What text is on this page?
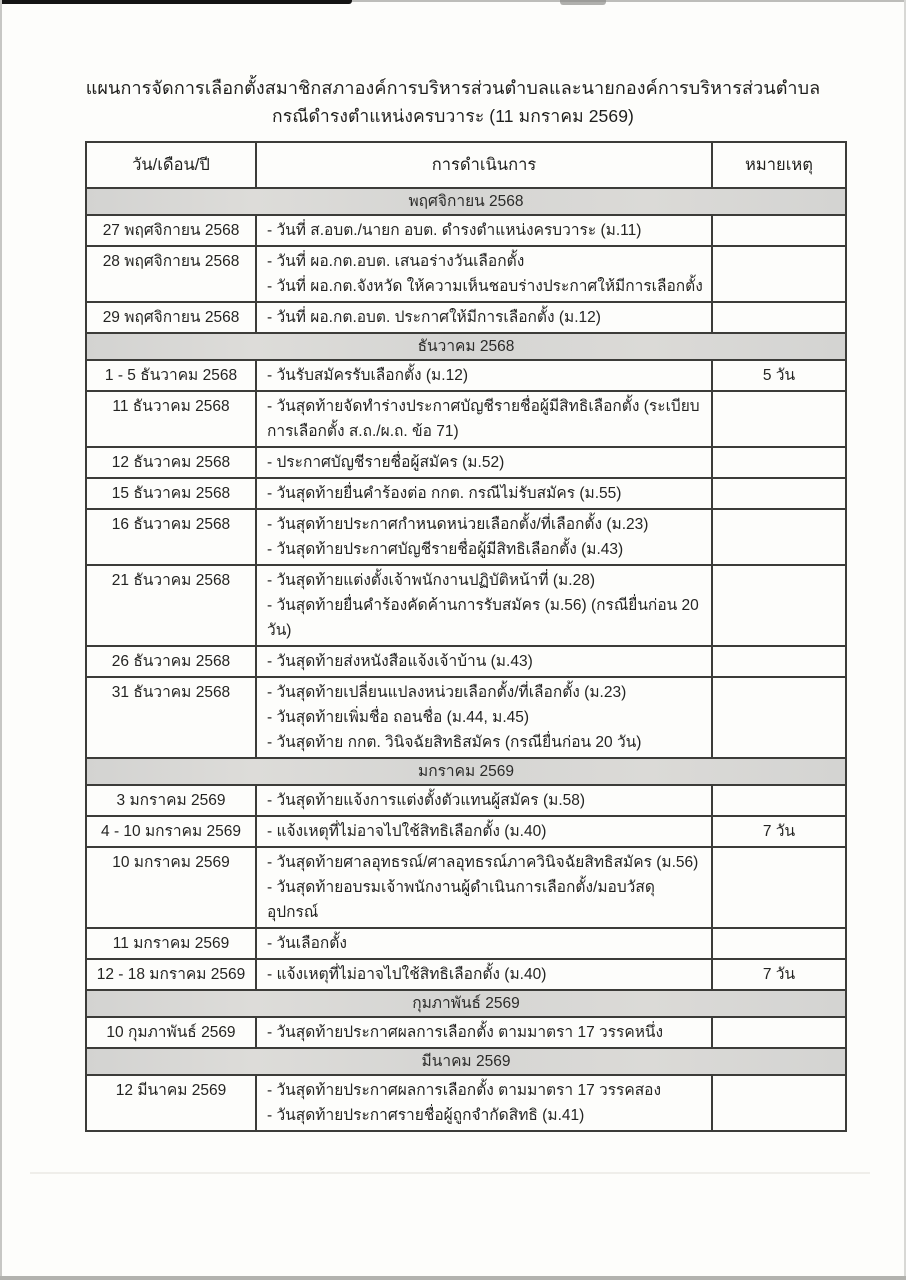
แผนการจัดการเลือกตั้งสมาชิกสภาองค์การบริหารส่วนตำบลและนายกองค์การบริหารส่วนตำบล
กรณีดำรงตำแหน่งครบวาระ (11 มกราคม 2569)
วัน/เดือน/ปี	การดำเนินการ	หมายเหตุ
พฤศจิกายน 2568		
27 พฤศจิกายน 2568	- วันที่ ส.อบต./นายก อบต. ดำรงตำแหน่งครบวาระ (ม.11)	

28 พฤศจิกายน 2568	- วันที่ ผอ.กต.อบต. เสนอร่างวันเลือกตั้ง
- วันที่ ผอ.กต.จังหวัด ให้ความเห็นชอบร่างประกาศให้มีการเลือกตั้ง	

29 พฤศจิกายน 2568	- วันที่ ผอ.กต.อบต. ประกาศให้มีการเลือกตั้ง (ม.12)	

ธันวาคม 2568		
1 - 5 ธันวาคม 2568	- วันรับสมัครรับเลือกตั้ง (ม.12)	5 วัน
11 ธันวาคม 2568	- วันสุดท้ายจัดทำร่างประกาศบัญชีรายชื่อผู้มีสิทธิเลือกตั้ง (ระเบียบ
การเลือกตั้ง ส.ถ./ผ.ถ. ข้อ 71)	

12 ธันวาคม 2568	- ประกาศบัญชีรายชื่อผู้สมัคร (ม.52)	

15 ธันวาคม 2568	- วันสุดท้ายยื่นคำร้องต่อ กกต. กรณีไม่รับสมัคร (ม.55)	

16 ธันวาคม 2568	- วันสุดท้ายประกาศกำหนดหน่วยเลือกตั้ง/ที่เลือกตั้ง (ม.23)
- วันสุดท้ายประกาศบัญชีรายชื่อผู้มีสิทธิเลือกตั้ง (ม.43)	

21 ธันวาคม 2568	- วันสุดท้ายแต่งตั้งเจ้าพนักงานปฏิบัติหน้าที่ (ม.28)
- วันสุดท้ายยื่นคำร้องคัดค้านการรับสมัคร (ม.56) (กรณียื่นก่อน 20 วัน)	

26 ธันวาคม 2568	- วันสุดท้ายส่งหนังสือแจ้งเจ้าบ้าน (ม.43)	

31 ธันวาคม 2568	- วันสุดท้ายเปลี่ยนแปลงหน่วยเลือกตั้ง/ที่เลือกตั้ง (ม.23)
- วันสุดท้ายเพิ่มชื่อ ถอนชื่อ (ม.44, ม.45)
- วันสุดท้าย กกต. วินิจฉัยสิทธิสมัคร (กรณียื่นก่อน 20 วัน)	

มกราคม 2569		
3 มกราคม 2569	- วันสุดท้ายแจ้งการแต่งตั้งตัวแทนผู้สมัคร (ม.58)	

4 - 10 มกราคม 2569	- แจ้งเหตุที่ไม่อาจไปใช้สิทธิเลือกตั้ง (ม.40)	7 วัน
10 มกราคม 2569	- วันสุดท้ายศาลอุทธรณ์/ศาลอุทธรณ์ภาควินิจฉัยสิทธิสมัคร (ม.56)
- วันสุดท้ายอบรมเจ้าพนักงานผู้ดำเนินการเลือกตั้ง/มอบวัสดุอุปกรณ์	

11 มกราคม 2569	- วันเลือกตั้ง	

12 - 18 มกราคม 2569	- แจ้งเหตุที่ไม่อาจไปใช้สิทธิเลือกตั้ง (ม.40)	7 วัน
กุมภาพันธ์ 2569		
10 กุมภาพันธ์ 2569	- วันสุดท้ายประกาศผลการเลือกตั้ง ตามมาตรา 17 วรรคหนึ่ง	

มีนาคม 2569		
12 มีนาคม 2569	- วันสุดท้ายประกาศผลการเลือกตั้ง ตามมาตรา 17 วรรคสอง
- วันสุดท้ายประกาศรายชื่อผู้ถูกจำกัดสิทธิ (ม.41)	
